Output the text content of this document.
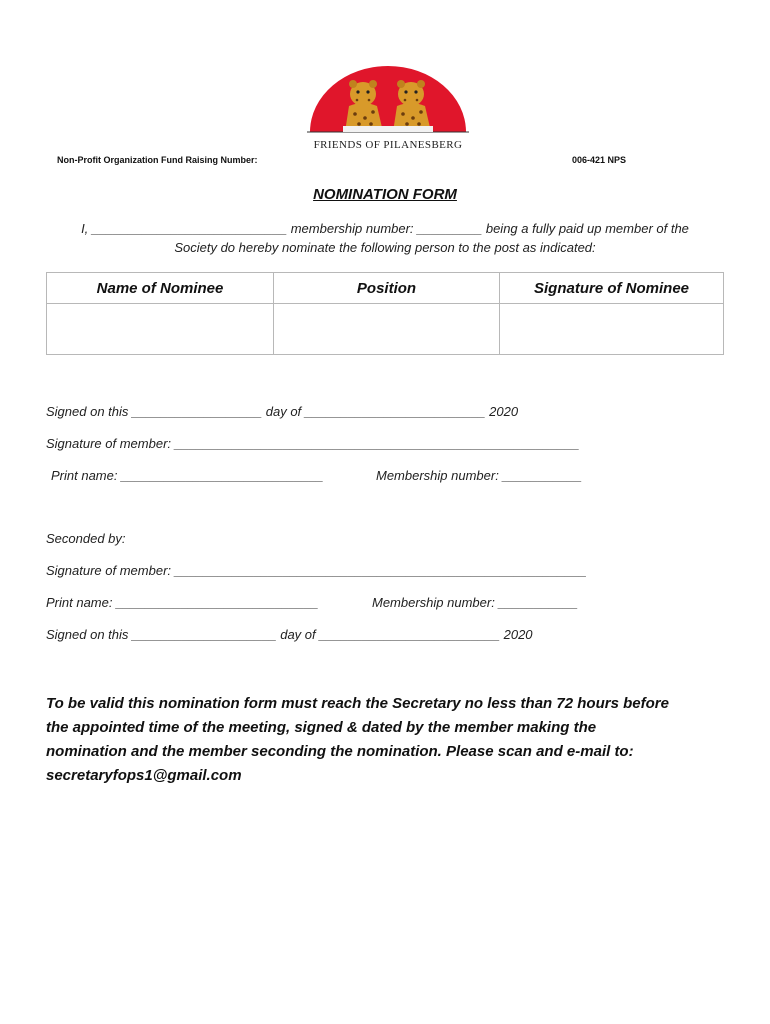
FRIENDS OF PILANESBERG
Non-Profit Organization Fund Raising Number:	006-421 NPS
NOMINATION FORM
I, ___________________________ membership number: _________ being a fully paid up member of the
Society do hereby nominate the following person to the post as indicated:
Name of Nominee	Position	Signature of Nominee

Signed on this __________________ day of _________________________ 2020
Signature of member: ________________________________________________________
Print name: ____________________________	Membership number: ___________
Seconded by:
Signature of member: _________________________________________________________
Print name: ____________________________	Membership number: ___________
Signed on this ____________________ day of _________________________ 2020

To be valid this nomination form must reach the Secretary no less than 72 hours before

the appointed time of the meeting, signed & dated by the member making the

nomination and the member seconding the nomination. Please scan and e-mail to:

secretaryfops1@gmail.com
